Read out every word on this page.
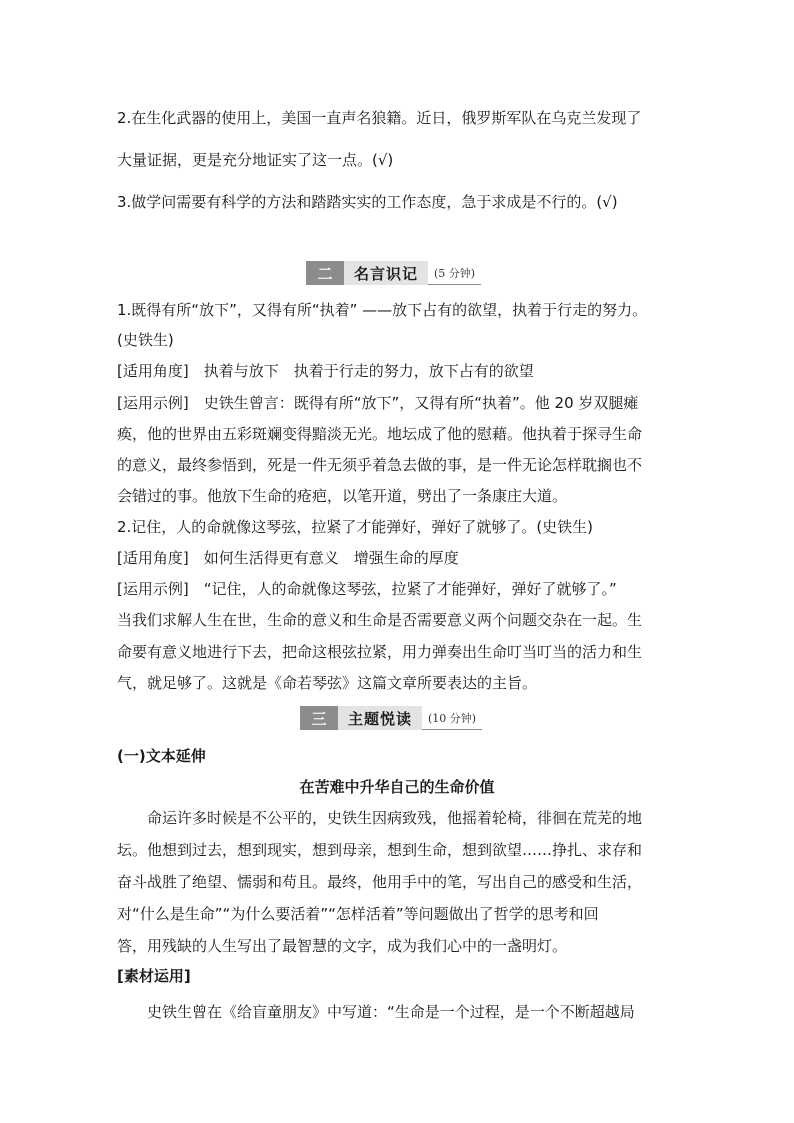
2.在生化武器的使用上，美国一直声名狼籍。近日，俄罗斯军队在乌克兰发现了
大量证据，更是充分地证实了这一点。(√)
3.做学问需要有科学的方法和踏踏实实的工作态度，急于求成是不行的。(√)
二	名言识记	(5 分钟)
1.既得有所“放下”，又得有所“执着” ——放下占有的欲望，执着于行走的努力。
(史铁生)
[适用角度]　执着与放下　执着于行走的努力，放下占有的欲望
[运用示例]　史铁生曾言：既得有所“放下”，又得有所“执着”。他 20 岁双腿瘫
痪，他的世界由五彩斑斓变得黯淡无光。地坛成了他的慰藉。他执着于探寻生命
的意义，最终参悟到，死是一件无须乎着急去做的事，是一件无论怎样耽搁也不
会错过的事。他放下生命的疮疤，以笔开道，劈出了一条康庄大道。
2.记住，人的命就像这琴弦，拉紧了才能弹好，弹好了就够了。(史铁生)
[适用角度]　如何生活得更有意义　增强生命的厚度
[运用示例]　“记住，人的命就像这琴弦，拉紧了才能弹好，弹好了就够了。”
当我们求解人生在世，生命的意义和生命是否需要意义两个问题交杂在一起。生
命要有意义地进行下去，把命这根弦拉紧，用力弹奏出生命叮当叮当的活力和生
气，就足够了。这就是《命若琴弦》这篇文章所要表达的主旨。
三	主题悦读	(10 分钟)
(一)文本延伸
在苦难中升华自己的生命价值
命运许多时候是不公平的，史铁生因病致残，他摇着轮椅，徘徊在荒芜的地
坛。他想到过去，想到现实，想到母亲，想到生命，想到欲望……挣扎、求存和
奋斗战胜了绝望、懦弱和苟且。最终，他用手中的笔，写出自己的感受和生活，
对“什么是生命”“为什么要活着”“怎样活着”等问题做出了哲学的思考和回
答，用残缺的人生写出了最智慧的文字，成为我们心中的一盏明灯。
[素材运用]
史铁生曾在《给盲童朋友》中写道：“生命是一个过程，是一个不断超越局
